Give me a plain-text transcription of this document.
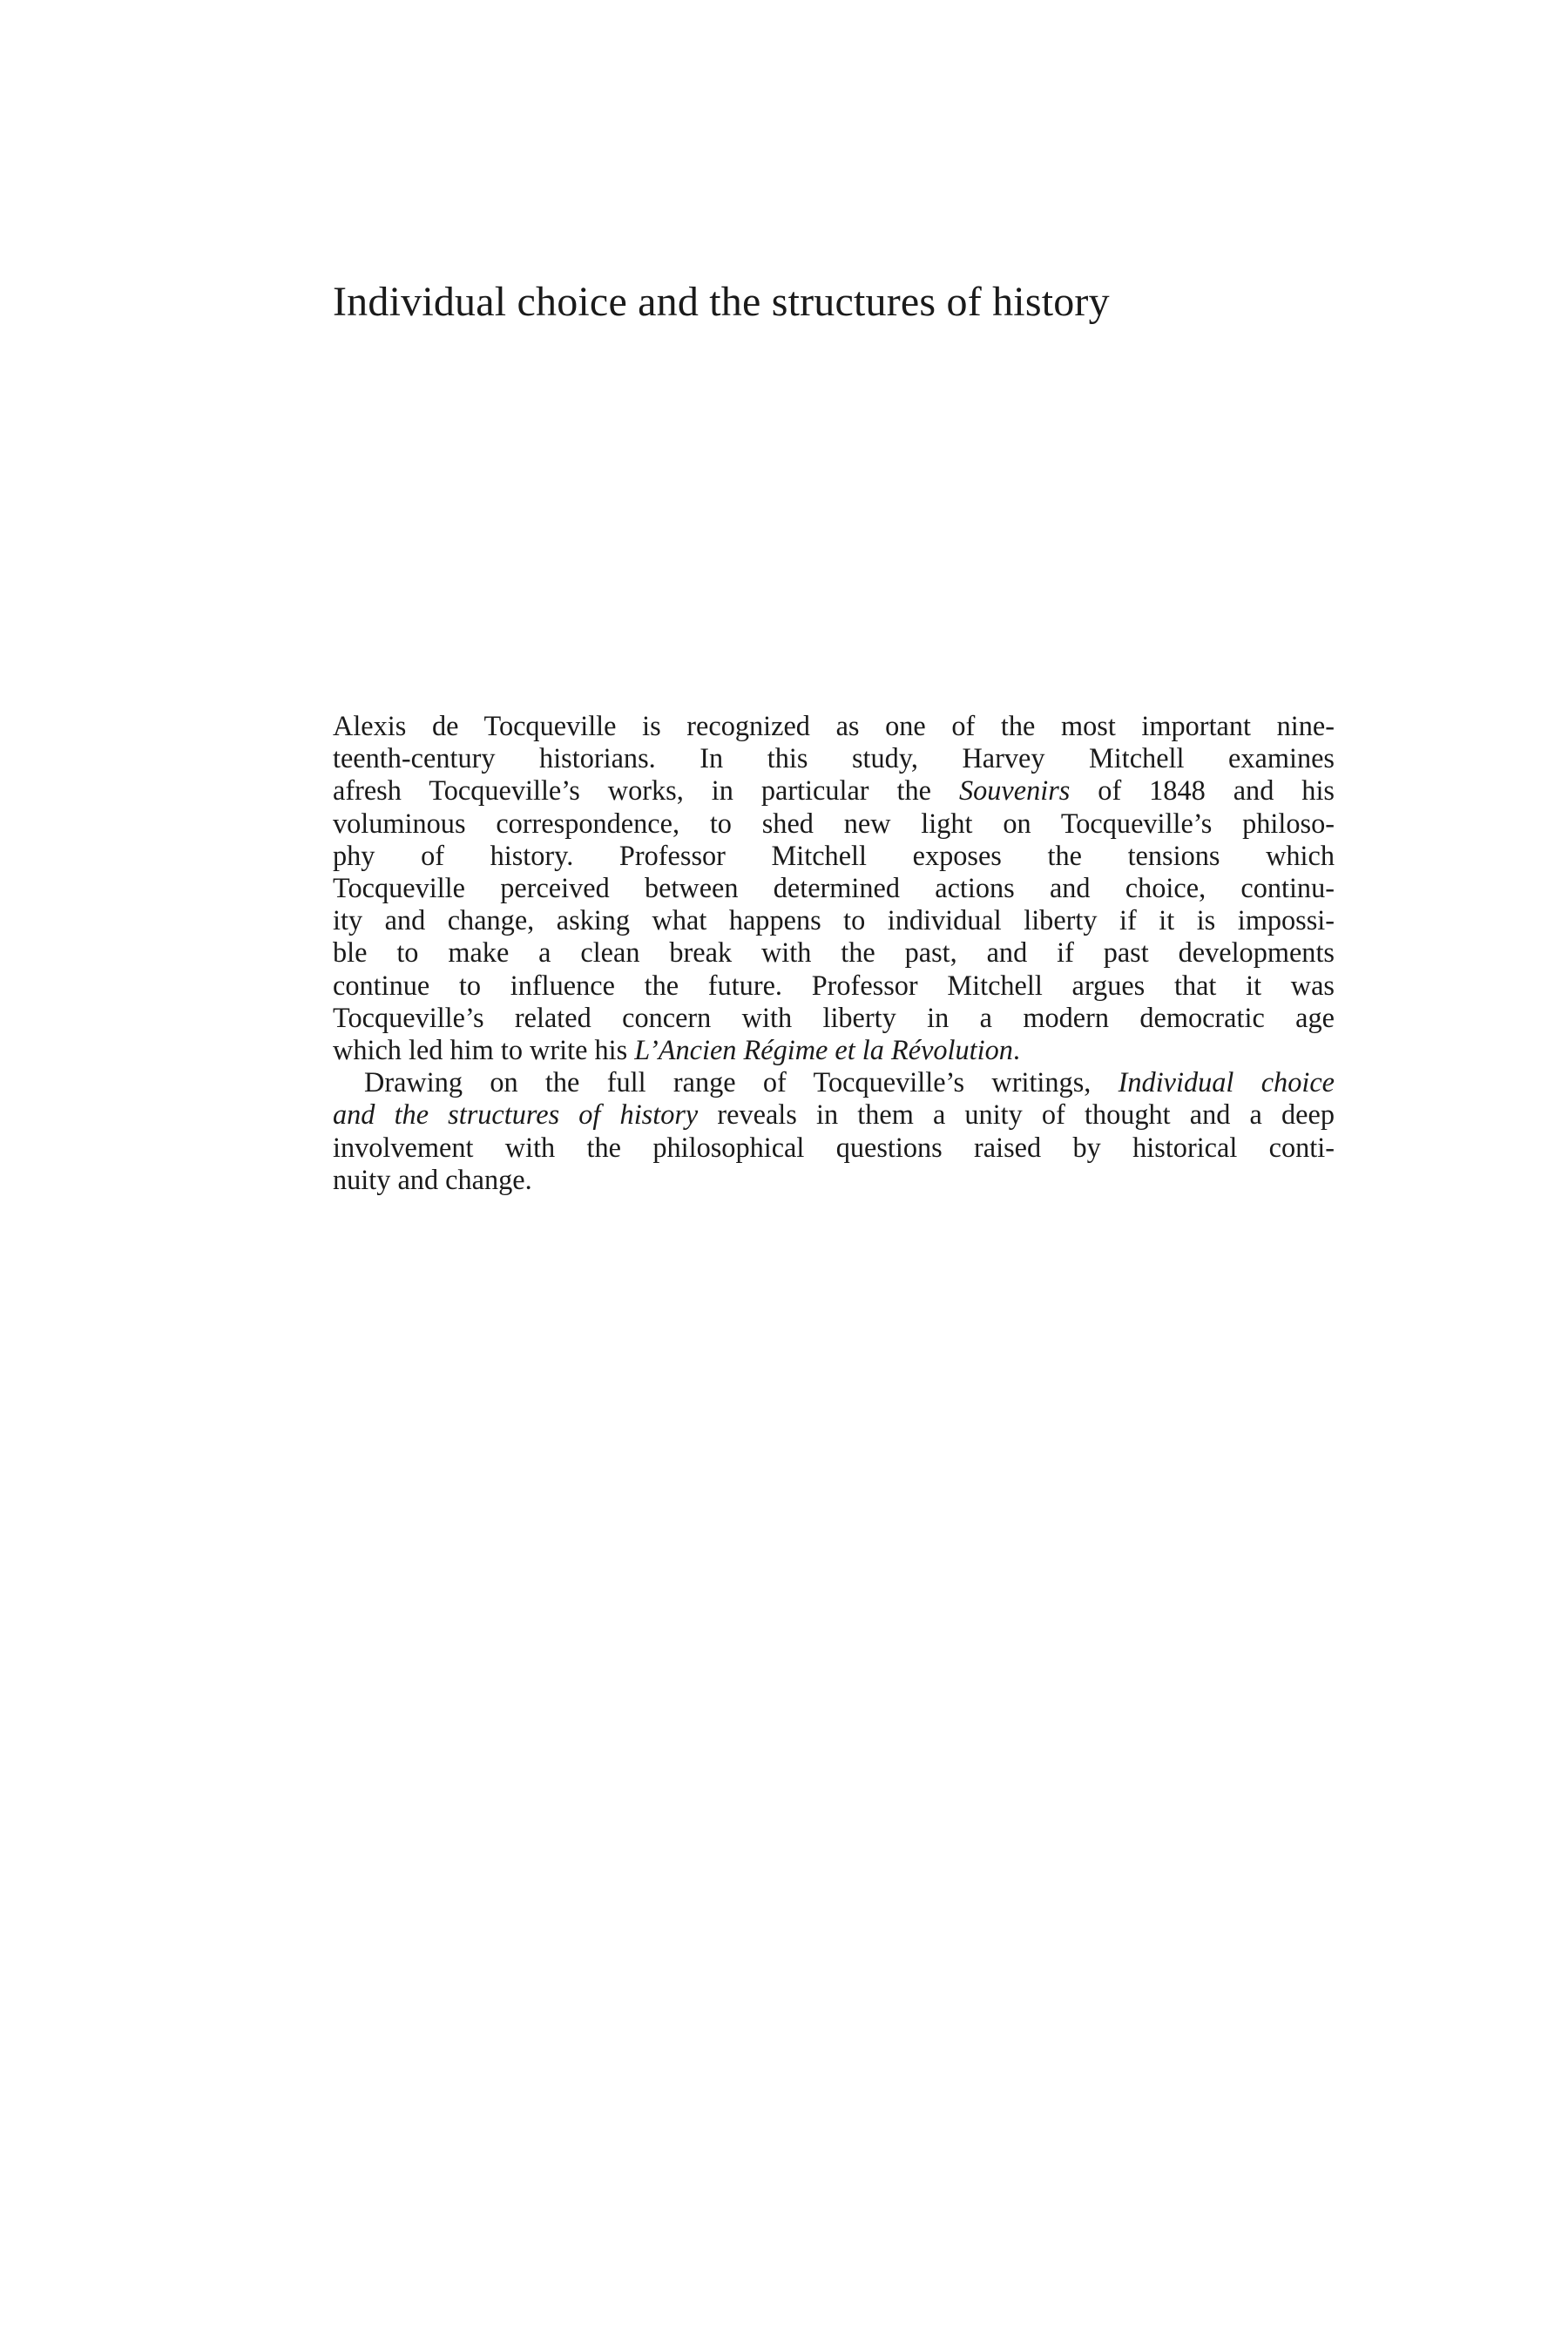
Individual choice and the structures of history

Alexis de Tocqueville is recognized as one of the most important nine-
teenth-century historians. In this study, Harvey Mitchell examines
afresh Tocqueville’s works, in particular the Souvenirs of 1848 and his
voluminous correspondence, to shed new light on Tocqueville’s philoso-
phy of history. Professor Mitchell exposes the tensions which
Tocqueville perceived between determined actions and choice, continu-
ity and change, asking what happens to individual liberty if it is impossi-
ble to make a clean break with the past, and if past developments
continue to influence the future. Professor Mitchell argues that it was
Tocqueville’s related concern with liberty in a modern democratic age
which led him to write his L’Ancien Régime et la Révolution.

Drawing on the full range of Tocqueville’s writings, Individual choice
and the structures of history reveals in them a unity of thought and a deep
involvement with the philosophical questions raised by historical conti-
nuity and change.
